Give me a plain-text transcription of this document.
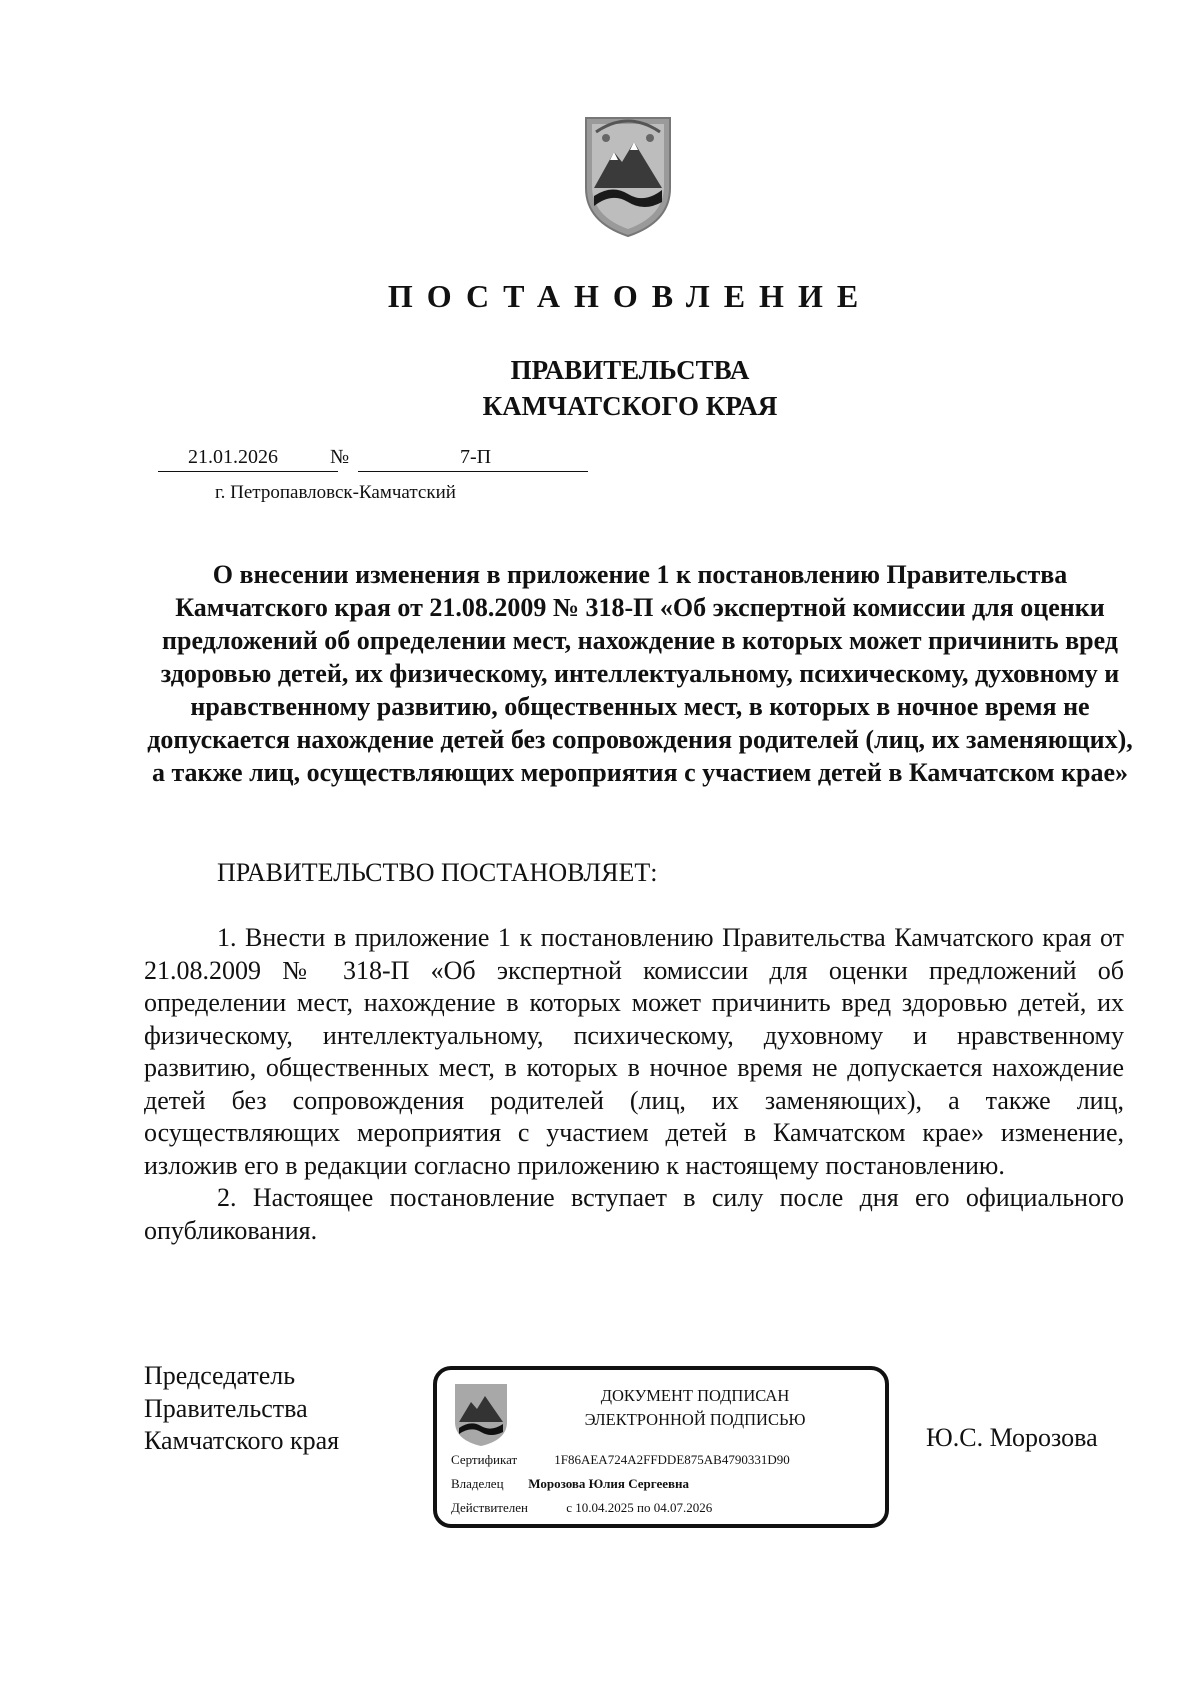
ПОСТАНОВЛЕНИЕ
ПРАВИТЕЛЬСТВА
КАМЧАТСКОГО КРАЯ
21.01.2026	№	7-П
г. Петропавловск-Камчатский
О внесении изменения в приложение 1 к постановлению Правительства Камчатского края от 21.08.2009 № 318-П «Об экспертной комиссии для оценки предложений об определении мест, нахождение в которых может причинить вред здоровью детей, их физическому, интеллектуальному, психическому, духовному и нравственному развитию, общественных мест, в которых в ночное время не допускается нахождение детей без сопровождения родителей (лиц, их заменяющих), а также лиц, осуществляющих мероприятия с участием детей в Камчатском крае»
ПРАВИТЕЛЬСТВО ПОСТАНОВЛЯЕТ:

1. Внести в приложение 1 к постановлению Правительства Камчатского края от 21.08.2009 № 318-П «Об экспертной комиссии для оценки предложений об определении мест, нахождение в которых может причинить вред здоровью детей, их физическому, интеллектуальному, психическому, духовному и нравственному развитию, общественных мест, в которых в ночное время не допускается нахождение детей без сопровождения родителей (лиц, их заменяющих), а также лиц, осуществляющих мероприятия с участием детей в Камчатском крае» изменение, изложив его в редакции согласно приложению к настоящему постановлению.

2. Настоящее постановление вступает в силу после дня его официального опубликования.

Председатель
Правительства
Камчатского края
ДОКУМЕНТ ПОДПИСАН
ЭЛЕКТРОННОЙ ПОДПИСЬЮ
Сертификат	1F86AEA724A2FFDDE875AB4790331D90
Владелец Морозова Юлия Сергеевна
Действителен	с 10.04.2025 по 04.07.2026
Ю.С. Морозова
